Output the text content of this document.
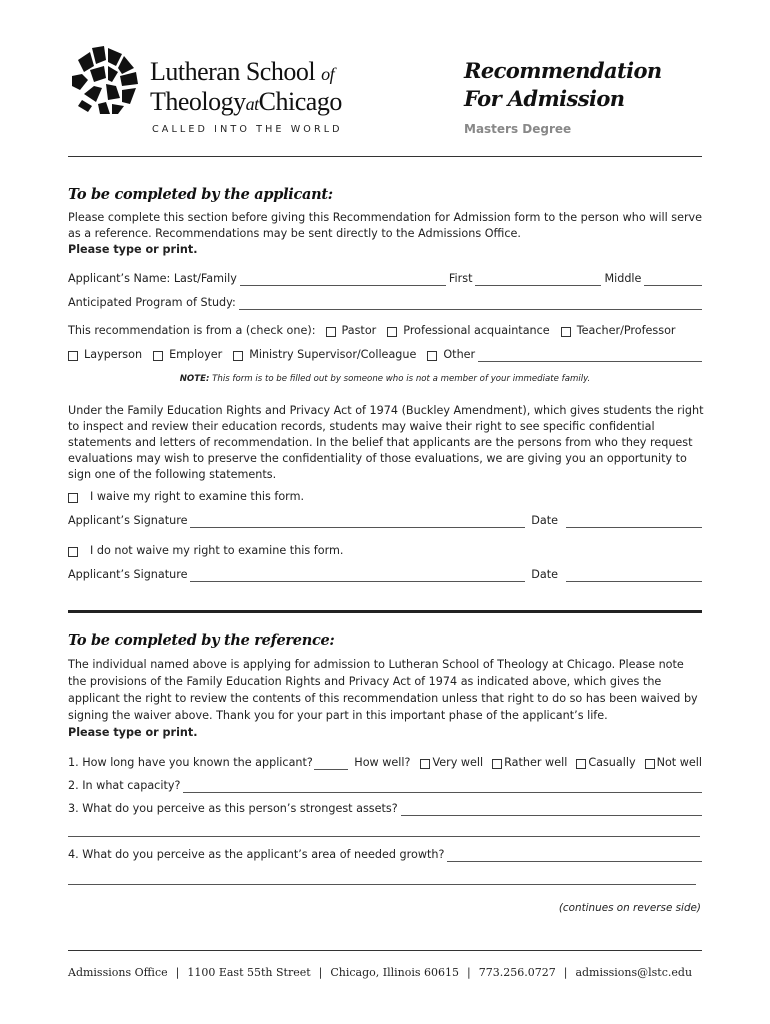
Lutheran School of
TheologyatChicago
CALLED INTO THE WORLD
Recommendation
For Admission
Masters Degree
To be completed by the applicant:
Please complete this section before giving this Recommendation for Admission form to the person who will serve as a reference. Recommendations may be sent directly to the Admissions Office.
Please type or print.
Applicant’s Name: Last/Family	First	Middle
Anticipated Program of Study:
This recommendation is from a (check one): Pastor Professional acquaintance Teacher/Professor
Layperson Employer Ministry Supervisor/Colleague Other
NOTE: This form is to be filled out by someone who is not a member of your immediate family.
Under the Family Education Rights and Privacy Act of 1974 (Buckley Amendment), which gives students the right to inspect and review their education records, students may waive their right to see specific confidential statements and letters of recommendation. In the belief that applicants are the persons from who they request evaluations may wish to preserve the confidentiality of those evaluations, we are giving you an opportunity to sign one of the following statements.
I waive my right to examine this form.
Applicant’s Signature	Date
I do not waive my right to examine this form.
Applicant’s Signature	Date
To be completed by the reference:
The individual named above is applying for admission to Lutheran School of Theology at Chicago. Please note the provisions of the Family Education Rights and Privacy Act of 1974 as indicated above, which gives the applicant the right to review the contents of this recommendation unless that right to do so has been waived by signing the waiver above. Thank you for your part in this important phase of the applicant’s life.
Please type or print.
1. How long have you known the applicant?	How well? Very well Rather well Casually Not well
2. In what capacity?
3. What do you perceive as this person’s strongest assets?
4. What do you perceive as the applicant’s area of needed growth?
(continues on reverse side)
Admissions Office | 1100 East 55th Street | Chicago, Illinois 60615 | 773.256.0727 | admissions@lstc.edu
